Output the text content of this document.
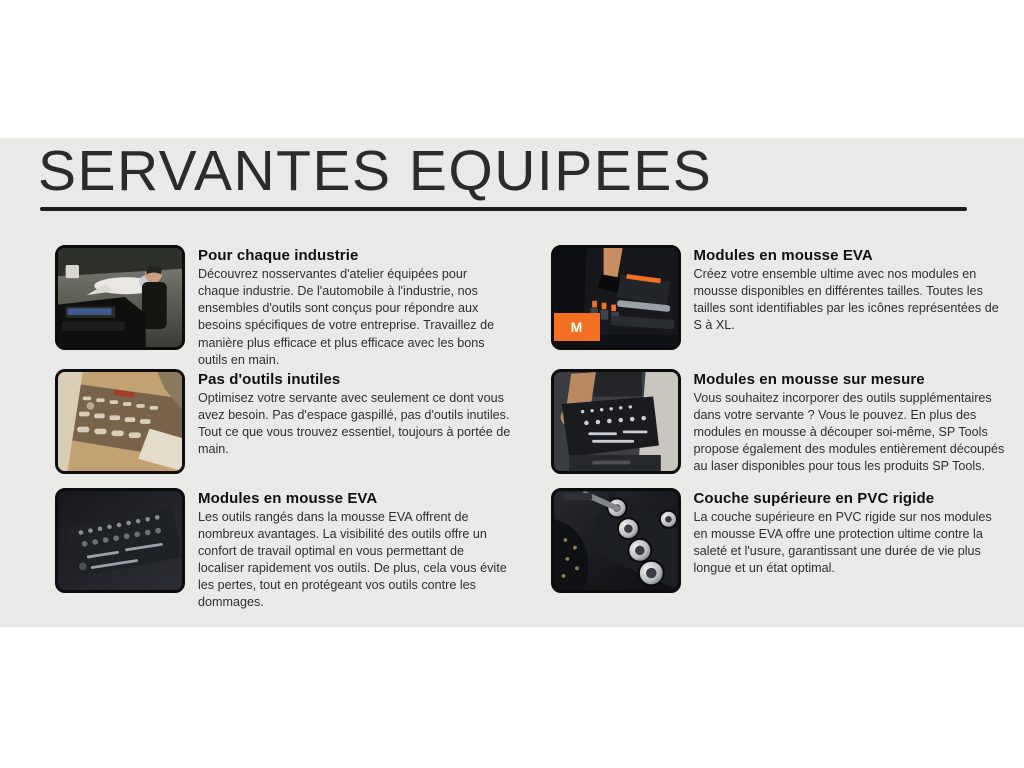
SERVANTES EQUIPEES
Pour chaque industrie

Découvrez nosservantes d'atelier équipées pour chaque industrie. De l'automobile à l'industrie, nos ensembles d'outils sont conçus pour répondre aux besoins spécifiques de votre entreprise. Travaillez de manière plus efficace et plus efficace avec les bons outils en main.

Pas d'outils inutiles

Optimisez votre servante avec seulement ce dont vous avez besoin. Pas d'espace gaspillé, pas d'outils inutiles. Tout ce que vous trouvez essentiel, toujours à portée de main.

Modules en mousse EVA

Les outils rangés dans la mousse EVA offrent de nombreux avantages. La visibilité des outils offre un confort de travail optimal en vous permettant de localiser rapidement vos outils. De plus, cela vous évite les pertes, tout en protégeant vos outils contre les dommages.

M
Modules en mousse EVA

Créez votre ensemble ultime avec nos modules en mousse disponibles en différentes tailles. Toutes les tailles sont identifiables par les icônes représentées de S à XL.

Modules en mousse sur mesure

Vous souhaitez incorporer des outils supplémentaires dans votre servante ? Vous le pouvez. En plus des modules en mousse à découper soi-même, SP Tools propose également des modules entièrement découpés au laser disponibles pour tous les produits SP Tools.

Couche supérieure en PVC rigide

La couche supérieure en PVC rigide sur nos modules en mousse EVA offre une protection ultime contre la saleté et l'usure, garantissant une durée de vie plus longue et un état optimal.
